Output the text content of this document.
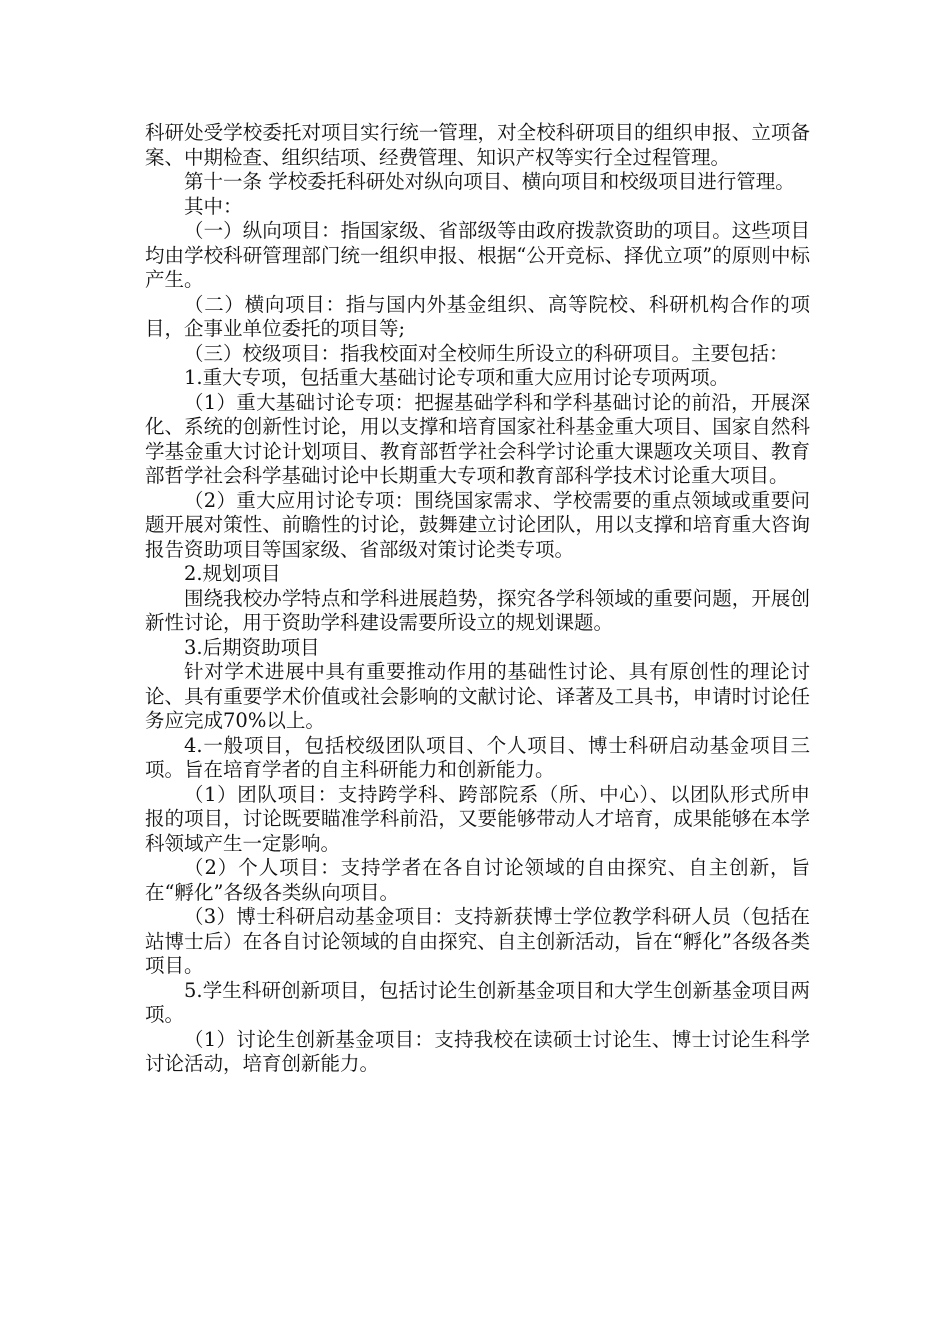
科研处受学校委托对项目实行统一管理，对全校科研项目的组织申报、立项备案、中期检查、组织结项、经费管理、知识产权等实行全过程管理。

第十一条 学校委托科研处对纵向项目、横向项目和校级项目进行管理。

其中：

（一）纵向项目：指国家级、省部级等由政府拨款资助的项目。这些项目均由学校科研管理部门统一组织申报、根据“公开竞标、择优立项”的原则中标产生。

（二）横向项目：指与国内外基金组织、高等院校、科研机构合作的项目，企事业单位委托的项目等;

（三）校级项目：指我校面对全校师生所设立的科研项目。主要包括：

1.重大专项，包括重大基础讨论专项和重大应用讨论专项两项。

（1）重大基础讨论专项：把握基础学科和学科基础讨论的前沿，开展深化、系统的创新性讨论，用以支撑和培育国家社科基金重大项目、国家自然科学基金重大讨论计划项目、教育部哲学社会科学讨论重大课题攻关项目、教育部哲学社会科学基础讨论中长期重大专项和教育部科学技术讨论重大项目。

（2）重大应用讨论专项：围绕国家需求、学校需要的重点领域或重要问题开展对策性、前瞻性的讨论，鼓舞建立讨论团队，用以支撑和培育重大咨询报告资助项目等国家级、省部级对策讨论类专项。

2.规划项目

围绕我校办学特点和学科进展趋势，探究各学科领域的重要问题，开展创新性讨论，用于资助学科建设需要所设立的规划课题。

3.后期资助项目

针对学术进展中具有重要推动作用的基础性讨论、具有原创性的理论讨论、具有重要学术价值或社会影响的文献讨论、译著及工具书，申请时讨论任务应完成70%以上。

4.一般项目，包括校级团队项目、个人项目、博士科研启动基金项目三项。旨在培育学者的自主科研能力和创新能力。

（1）团队项目：支持跨学科、跨部院系（所、中心）、以团队形式所申报的项目，讨论既要瞄准学科前沿，又要能够带动人才培育，成果能够在本学科领域产生一定影响。

（2）个人项目：支持学者在各自讨论领域的自由探究、自主创新，旨在“孵化”各级各类纵向项目。

（3）博士科研启动基金项目：支持新获博士学位教学科研人员（包括在站博士后）在各自讨论领域的自由探究、自主创新活动，旨在“孵化”各级各类项目。

5.学生科研创新项目，包括讨论生创新基金项目和大学生创新基金项目两项。

（1）讨论生创新基金项目：支持我校在读硕士讨论生、博士讨论生科学讨论活动，培育创新能力。
